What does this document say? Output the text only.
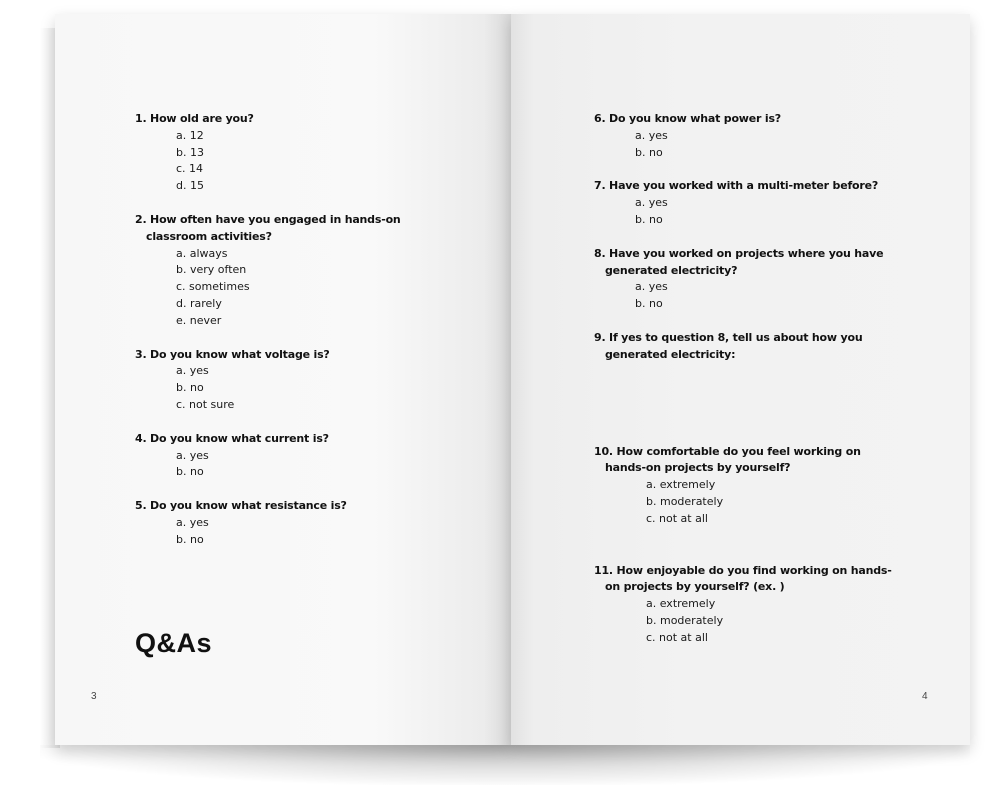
1. How old are you?
a. 12
b. 13
c. 14
d. 15
2. How often have you engaged in hands-on classroom activities?
a. always
b. very often
c. sometimes
d. rarely
e. never
3. Do you know what voltage is?
a. yes
b. no
c. not sure
4. Do you know what current is?
a. yes
b. no
5. Do you know what resistance is?
a. yes
b. no
Q&As
3
6. Do you know what power is?
a. yes
b. no
7. Have you worked with a multi-meter before?
a. yes
b. no
8. Have you worked on projects where you have generated electricity?
a. yes
b. no
9. If yes to question 8, tell us about how you generated electricity:
10. How comfortable do you feel working on hands-on projects by yourself?
a. extremely
b. moderately
c. not at all
11. How enjoyable do you find working on hands-on projects by yourself? (ex. )
a. extremely
b. moderately
c. not at all
4
